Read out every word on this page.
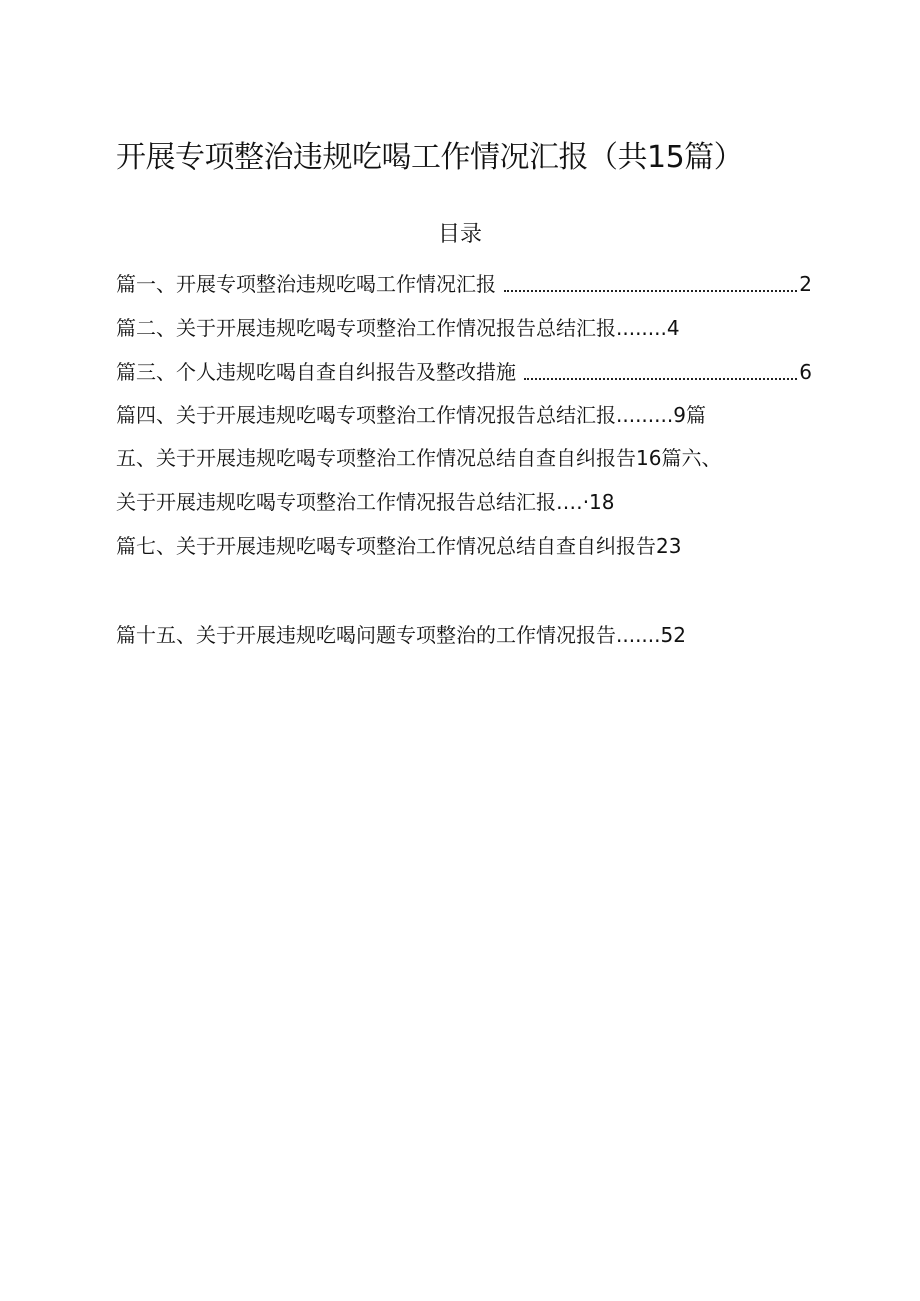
开展专项整治违规吃喝工作情况汇报（共15篇）
目录
篇一、开展专项整治违规吃喝工作情况汇报	2
篇二、关于开展违规吃喝专项整治工作情况报告总结汇报........4
篇三、个人违规吃喝自查自纠报告及整改措施	6
篇四、关于开展违规吃喝专项整治工作情况报告总结汇报.........9篇
五、关于开展违规吃喝专项整治工作情况总结自查自纠报告16篇六、
关于开展违规吃喝专项整治工作情况报告总结汇报‥‥·18
篇七、关于开展违规吃喝专项整治工作情况总结自查自纠报告23
篇十五、关于开展违规吃喝问题专项整治的工作情况报告.......52
